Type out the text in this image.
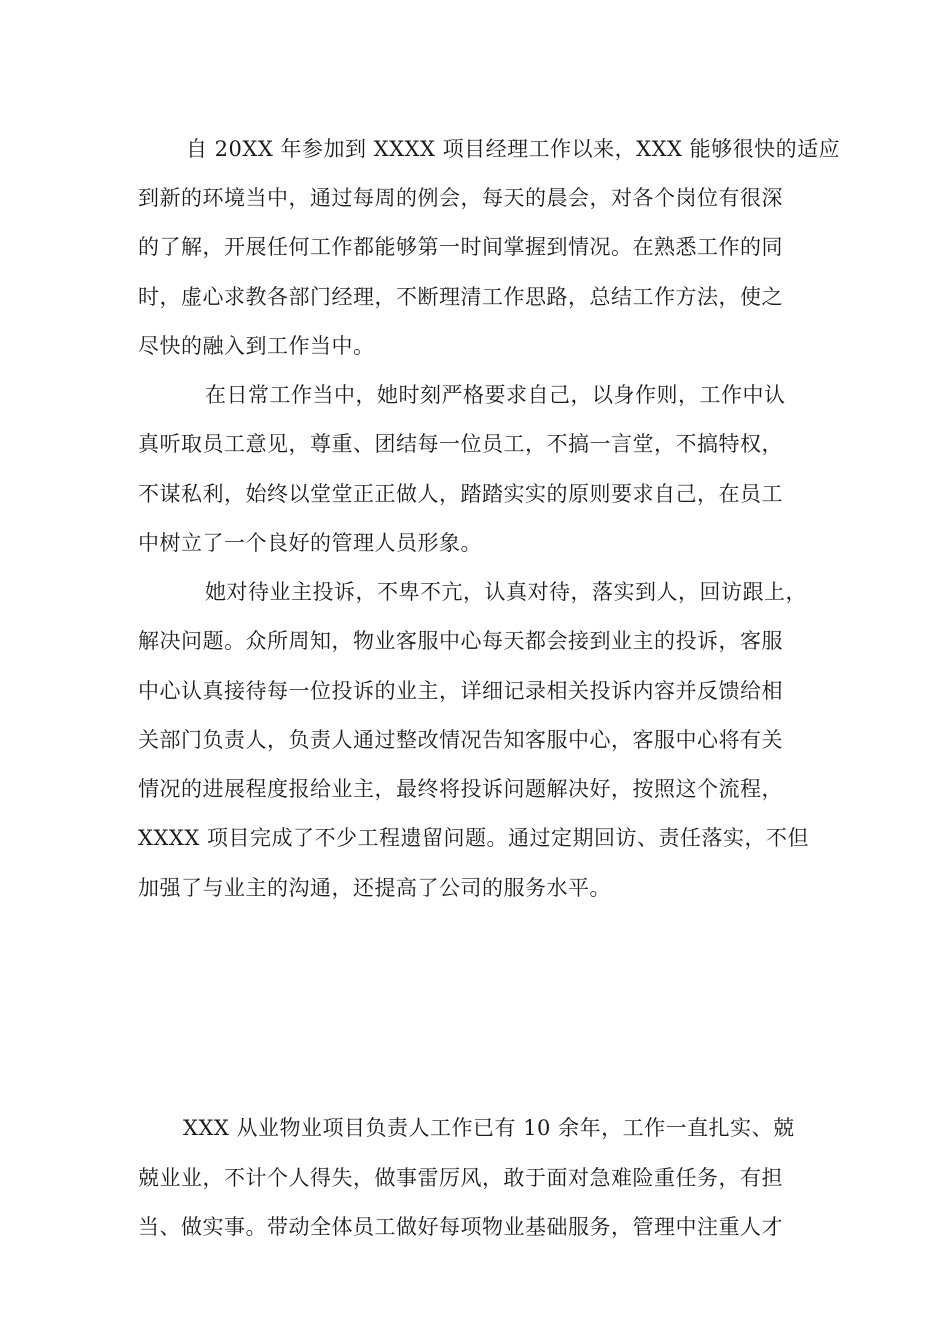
自 20XX 年参加到 XXXX 项目经理工作以来，XXX 能够很快的适应
到新的环境当中，通过每周的例会，每天的晨会，对各个岗位有很深
的了解，开展任何工作都能够第一时间掌握到情况。在熟悉工作的同
时，虚心求教各部门经理，不断理清工作思路，总结工作方法，使之
尽快的融入到工作当中。
在日常工作当中，她时刻严格要求自己，以身作则，工作中认
真听取员工意见，尊重、团结每一位员工，不搞一言堂，不搞特权，
不谋私利，始终以堂堂正正做人，踏踏实实的原则要求自己，在员工
中树立了一个良好的管理人员形象。
她对待业主投诉，不卑不亢，认真对待，落实到人，回访跟上，
解决问题。众所周知，物业客服中心每天都会接到业主的投诉，客服
中心认真接待每一位投诉的业主，详细记录相关投诉内容并反馈给相
关部门负责人，负责人通过整改情况告知客服中心，客服中心将有关
情况的进展程度报给业主，最终将投诉问题解决好，按照这个流程，
XXXX 项目完成了不少工程遗留问题。通过定期回访、责任落实，不但
加强了与业主的沟通，还提高了公司的服务水平。
XXX 从业物业项目负责人工作已有 10 余年，工作一直扎实、兢
兢业业，不计个人得失，做事雷厉风，敢于面对急难险重任务，有担
当、做实事。带动全体员工做好每项物业基础服务，管理中注重人才
